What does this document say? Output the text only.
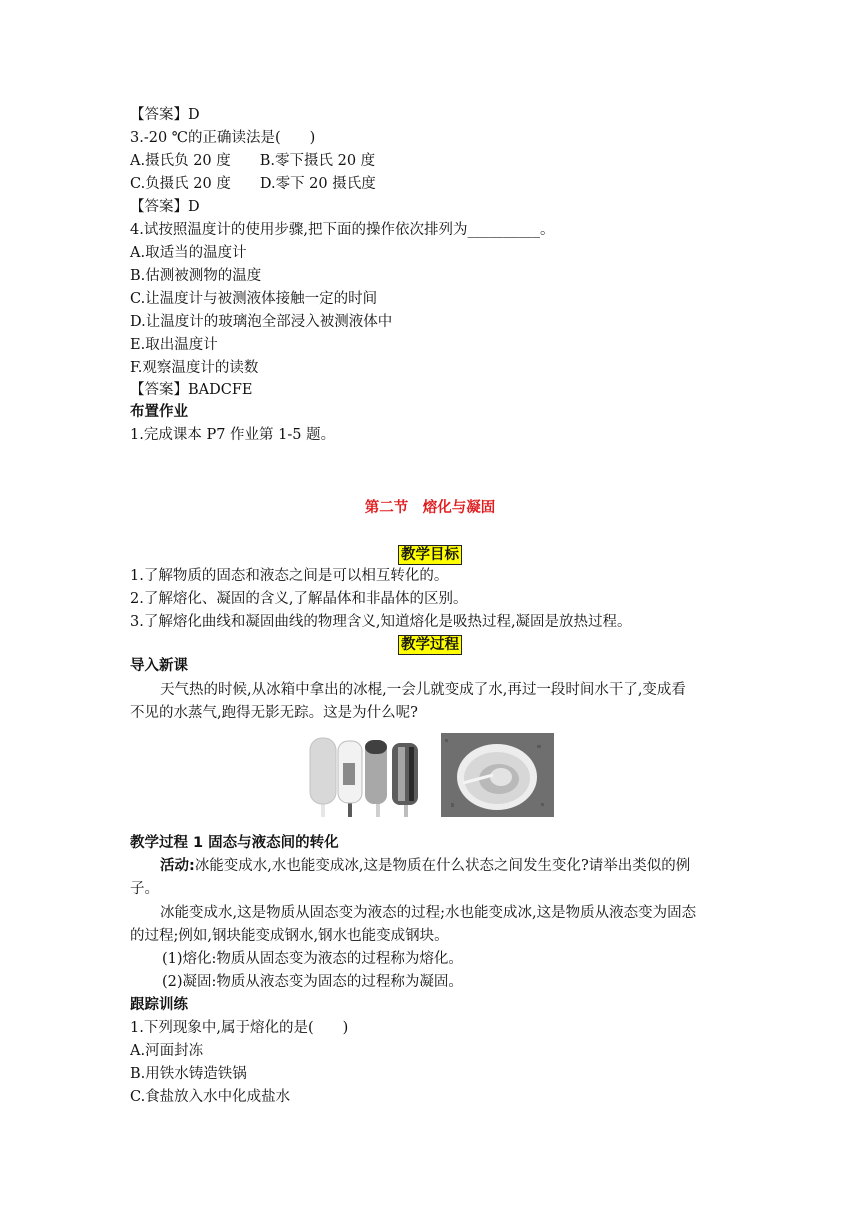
【答案】D
3.-20 ℃的正确读法是(　　)
A.摄氏负 20 度　　B.零下摄氏 20 度
C.负摄氏 20 度　　D.零下 20 摄氏度
【答案】D
4.试按照温度计的使用步骤,把下面的操作依次排列为__________。
A.取适当的温度计
B.估测被测物的温度
C.让温度计与被测液体接触一定的时间
D.让温度计的玻璃泡全部浸入被测液体中
E.取出温度计
F.观察温度计的读数
【答案】BADCFE
布置作业
1.完成课本 P7 作业第 1-5 题。
第二节　熔化与凝固
教学目标
1.了解物质的固态和液态之间是可以相互转化的。
2.了解熔化、凝固的含义,了解晶体和非晶体的区别。
3.了解熔化曲线和凝固曲线的物理含义,知道熔化是吸热过程,凝固是放热过程。
教学过程
导入新课
天气热的时候,从冰箱中拿出的冰棍,一会儿就变成了水,再过一段时间水干了,变成看
不见的水蒸气,跑得无影无踪。这是为什么呢?
教学过程 1 固态与液态间的转化
活动:冰能变成水,水也能变成冰,这是物质在什么状态之间发生变化?请举出类似的例
子。
冰能变成水,这是物质从固态变为液态的过程;水也能变成冰,这是物质从液态变为固态
的过程;例如,钢块能变成钢水,钢水也能变成钢块。
(1)熔化:物质从固态变为液态的过程称为熔化。
(2)凝固:物质从液态变为固态的过程称为凝固。
跟踪训练
1.下列现象中,属于熔化的是(　　)
A.河面封冻
B.用铁水铸造铁锅
C.食盐放入水中化成盐水
